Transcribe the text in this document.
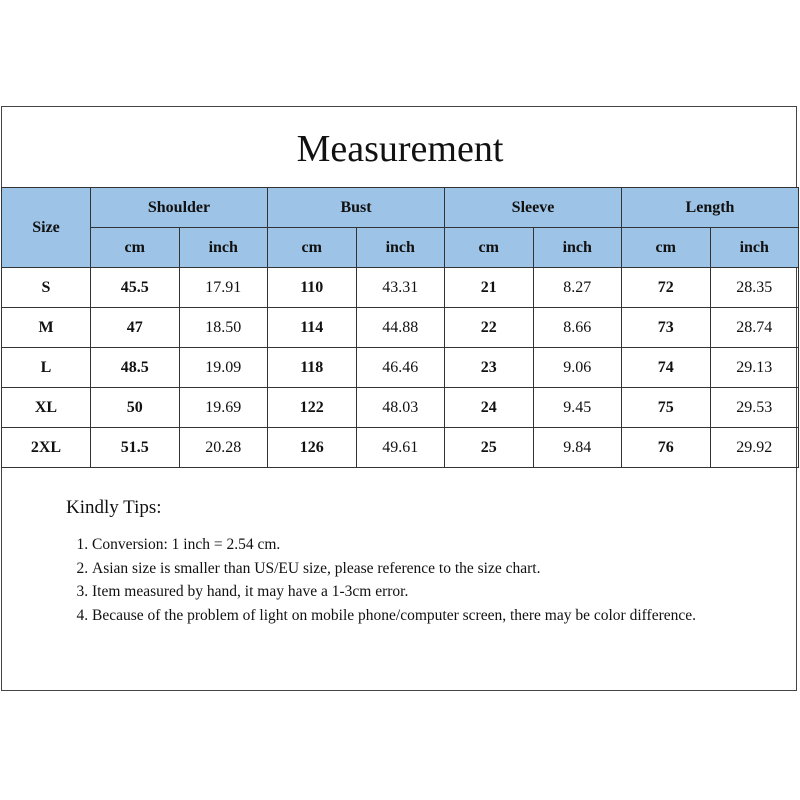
Measurement
Size	Shoulder		Bust		Sleeve		Length	
	cm	inch	cm	inch	cm	inch	cm	inch
S	45.5	17.91	110	43.31	21	8.27	72	28.35
M	47	18.50	114	44.88	22	8.66	73	28.74
L	48.5	19.09	118	46.46	23	9.06	74	29.13
XL	50	19.69	122	48.03	24	9.45	75	29.53
2XL	51.5	20.28	126	49.61	25	9.84	76	29.92
Kindly Tips:
1. Conversion: 1 inch = 2.54 cm.
2. Asian size is smaller than US/EU size, please reference to the size chart.
3. Item measured by hand, it may have a 1-3cm error.
4. Because of the problem of light on mobile phone/computer screen, there may be color difference.
